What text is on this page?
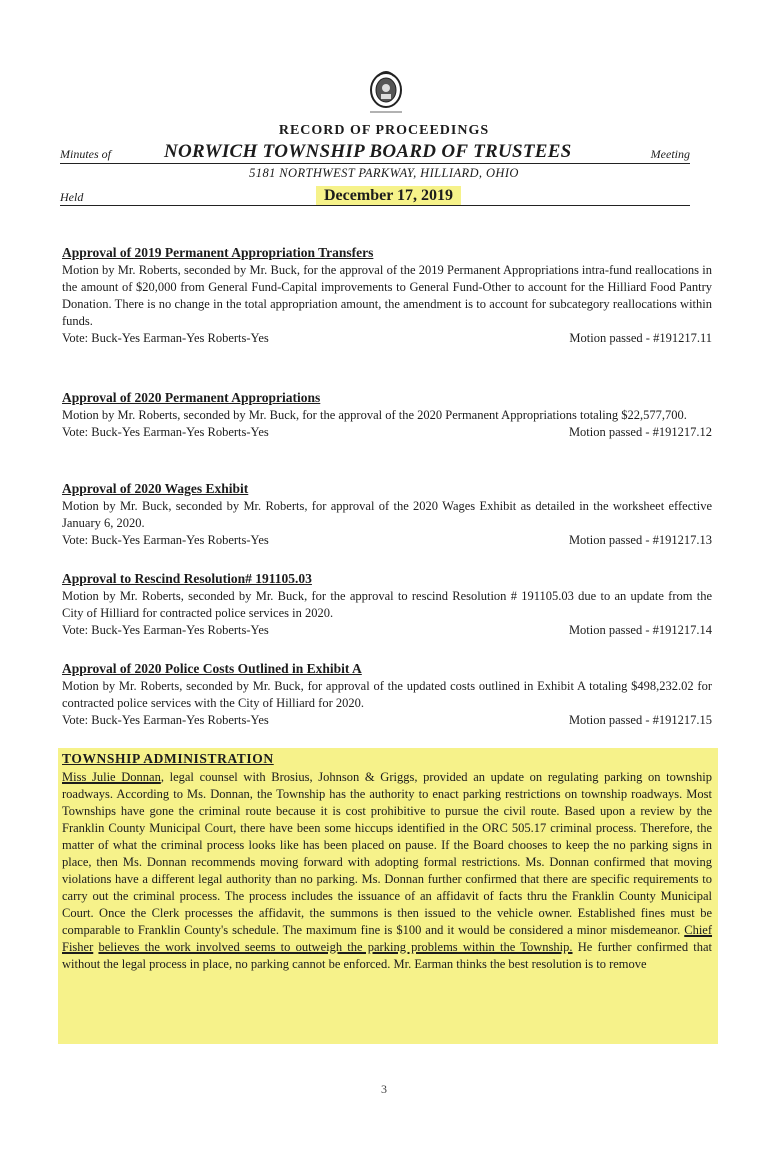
RECORD OF PROCEEDINGS
Minutes of	NORWICH TOWNSHIP BOARD OF TRUSTEES	Meeting
5181 NORTHWEST PARKWAY, HILLIARD, OHIO
Held	December 17, 2019
Approval of 2019 Permanent Appropriation Transfers
Motion by Mr. Roberts, seconded by Mr. Buck, for the approval of the 2019 Permanent Appropriations intra-fund reallocations in the amount of $20,000 from General Fund-Capital improvements to General Fund-Other to account for the Hilliard Food Pantry Donation. There is no change in the total appropriation amount, the amendment is to account for subcategory reallocations within funds.
Vote: Buck-Yes Earman-Yes Roberts-Yes	Motion passed - #191217.11
Approval of 2020 Permanent Appropriations
Motion by Mr. Roberts, seconded by Mr. Buck, for the approval of the 2020 Permanent Appropriations totaling $22,577,700.
Vote: Buck-Yes Earman-Yes Roberts-Yes	Motion passed - #191217.12
Approval of 2020 Wages Exhibit
Motion by Mr. Buck, seconded by Mr. Roberts, for approval of the 2020 Wages Exhibit as detailed in the worksheet effective January 6, 2020.
Vote: Buck-Yes Earman-Yes Roberts-Yes	Motion passed - #191217.13
Approval to Rescind Resolution# 191105.03
Motion by Mr. Roberts, seconded by Mr. Buck, for the approval to rescind Resolution # 191105.03 due to an update from the City of Hilliard for contracted police services in 2020.
Vote: Buck-Yes Earman-Yes Roberts-Yes	Motion passed - #191217.14
Approval of 2020 Police Costs Outlined in Exhibit A
Motion by Mr. Roberts, seconded by Mr. Buck, for approval of the updated costs outlined in Exhibit A totaling $498,232.02 for contracted police services with the City of Hilliard for 2020.
Vote: Buck-Yes Earman-Yes Roberts-Yes	Motion passed - #191217.15
TOWNSHIP ADMINISTRATION
Miss Julie Donnan, legal counsel with Brosius, Johnson & Griggs, provided an update on regulating parking on township roadways. According to Ms. Donnan, the Township has the authority to enact parking restrictions on township roadways. Most Townships have gone the criminal route because it is cost prohibitive to pursue the civil route. Based upon a review by the Franklin County Municipal Court, there have been some hiccups identified in the ORC 505.17 criminal process. Therefore, the matter of what the criminal process looks like has been placed on pause. If the Board chooses to keep the no parking signs in place, then Ms. Donnan recommends moving forward with adopting formal restrictions. Ms. Donnan confirmed that moving violations have a different legal authority than no parking. Ms. Donnan further confirmed that there are specific requirements to carry out the criminal process. The process includes the issuance of an affidavit of facts thru the Franklin County Municipal Court. Once the Clerk processes the affidavit, the summons is then issued to the vehicle owner. Established fines must be comparable to Franklin County's schedule. The maximum fine is $100 and it would be considered a minor misdemeanor. Chief Fisher believes the work involved seems to outweigh the parking problems within the Township. He further confirmed that without the legal process in place, no parking cannot be enforced. Mr. Earman thinks the best resolution is to remove
3
